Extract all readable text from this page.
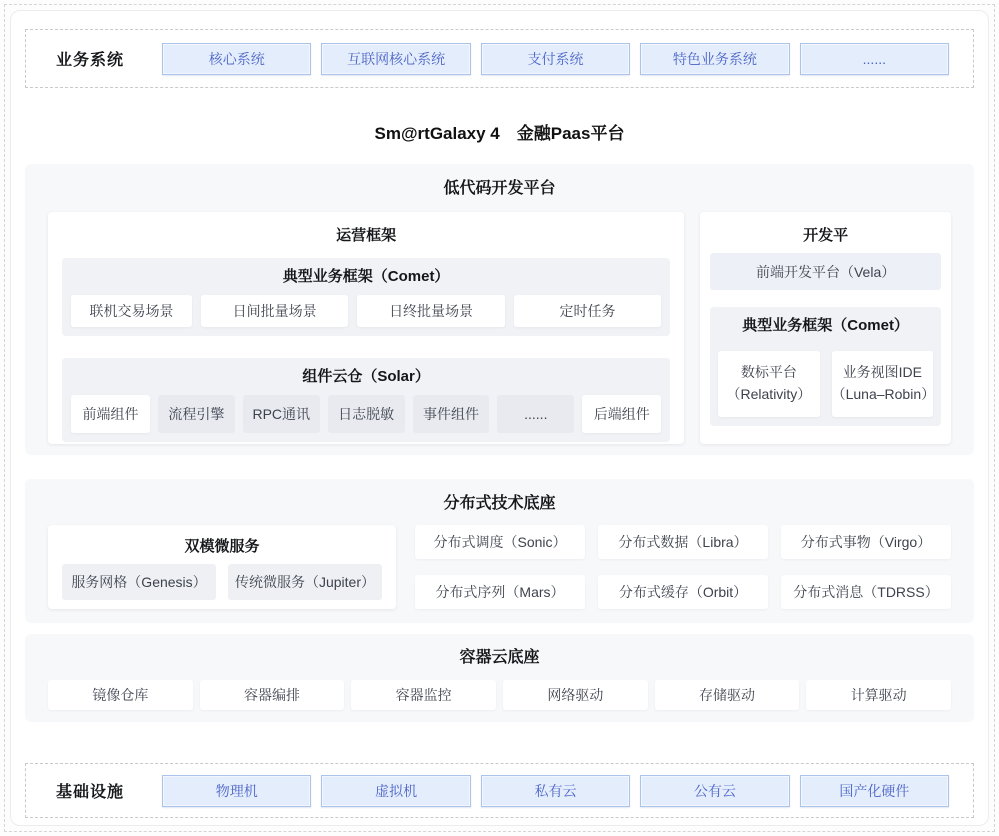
业务系统	核心系统	互联网核心系统	支付系统	特色业务系统	......
Sm@rtGalaxy 4　金融Paas平台
低代码开发平台
运营框架
典型业务框架（Comet）
联机交易场景	日间批量场景	日终批量场景	定时任务
组件云仓（Solar）
前端组件	流程引擎	RPC通讯	日志脱敏	事件组件	......	后端组件
开发平
前端开发平台（Vela）
典型业务框架（Comet）
数标平台
（Relativity）
业务视图IDE
（Luna–Robin）
分布式技术底座
双模微服务
服务网格（Genesis）	传统微服务（Jupiter）
分布式调度（Sonic）	分布式数据（Libra）	分布式事物（Virgo）
分布式序列（Mars）	分布式缓存（Orbit）	分布式消息（TDRSS）
容器云底座
镜像仓库	容器编排	容器监控	网络驱动	存储驱动	计算驱动
基础设施	物理机	虚拟机	私有云	公有云	国产化硬件
